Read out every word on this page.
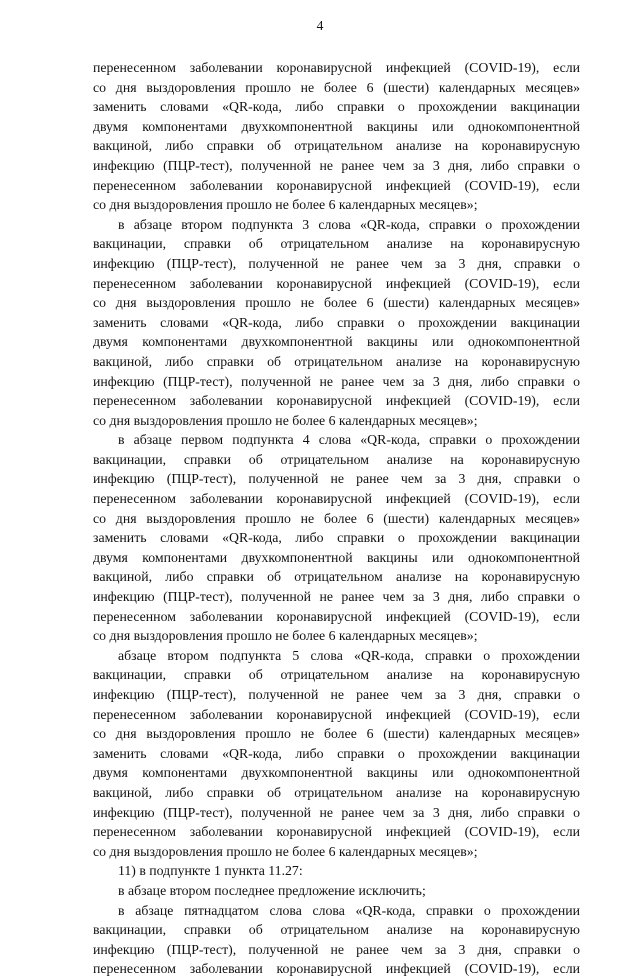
4
перенесенном заболевании коронавирусной инфекцией (COVID-19), если
со дня выздоровления прошло не более 6 (шести) календарных месяцев»
заменить словами «QR-кода, либо справки о прохождении вакцинации
двумя компонентами двухкомпонентной вакцины или однокомпонентной
вакциной, либо справки об отрицательном анализе на коронавирусную
инфекцию (ПЦР-тест), полученной не ранее чем за 3 дня, либо справки о
перенесенном заболевании коронавирусной инфекцией (COVID-19), если
со дня выздоровления прошло не более 6 календарных месяцев»;
в абзаце втором подпункта 3 слова «QR-кода, справки о прохождении
вакцинации, справки об отрицательном анализе на коронавирусную
инфекцию (ПЦР-тест), полученной не ранее чем за 3 дня, справки о
перенесенном заболевании коронавирусной инфекцией (COVID-19), если
со дня выздоровления прошло не более 6 (шести) календарных месяцев»
заменить словами «QR-кода, либо справки о прохождении вакцинации
двумя компонентами двухкомпонентной вакцины или однокомпонентной
вакциной, либо справки об отрицательном анализе на коронавирусную
инфекцию (ПЦР-тест), полученной не ранее чем за 3 дня, либо справки о
перенесенном заболевании коронавирусной инфекцией (COVID-19), если
со дня выздоровления прошло не более 6 календарных месяцев»;
в абзаце первом подпункта 4 слова «QR-кода, справки о прохождении
вакцинации, справки об отрицательном анализе на коронавирусную
инфекцию (ПЦР-тест), полученной не ранее чем за 3 дня, справки о
перенесенном заболевании коронавирусной инфекцией (COVID-19), если
со дня выздоровления прошло не более 6 (шести) календарных месяцев»
заменить словами «QR-кода, либо справки о прохождении вакцинации
двумя компонентами двухкомпонентной вакцины или однокомпонентной
вакциной, либо справки об отрицательном анализе на коронавирусную
инфекцию (ПЦР-тест), полученной не ранее чем за 3 дня, либо справки о
перенесенном заболевании коронавирусной инфекцией (COVID-19), если
со дня выздоровления прошло не более 6 календарных месяцев»;
абзаце втором подпункта 5 слова «QR-кода, справки о прохождении
вакцинации, справки об отрицательном анализе на коронавирусную
инфекцию (ПЦР-тест), полученной не ранее чем за 3 дня, справки о
перенесенном заболевании коронавирусной инфекцией (COVID-19), если
со дня выздоровления прошло не более 6 (шести) календарных месяцев»
заменить словами «QR-кода, либо справки о прохождении вакцинации
двумя компонентами двухкомпонентной вакцины или однокомпонентной
вакциной, либо справки об отрицательном анализе на коронавирусную
инфекцию (ПЦР-тест), полученной не ранее чем за 3 дня, либо справки о
перенесенном заболевании коронавирусной инфекцией (COVID-19), если
со дня выздоровления прошло не более 6 календарных месяцев»;
11) в подпункте 1 пункта 11.27:
в абзаце втором последнее предложение исключить;
в абзаце пятнадцатом слова слова «QR-кода, справки о прохождении
вакцинации, справки об отрицательном анализе на коронавирусную
инфекцию (ПЦР-тест), полученной не ранее чем за 3 дня, справки о
перенесенном заболевании коронавирусной инфекцией (COVID-19), если
